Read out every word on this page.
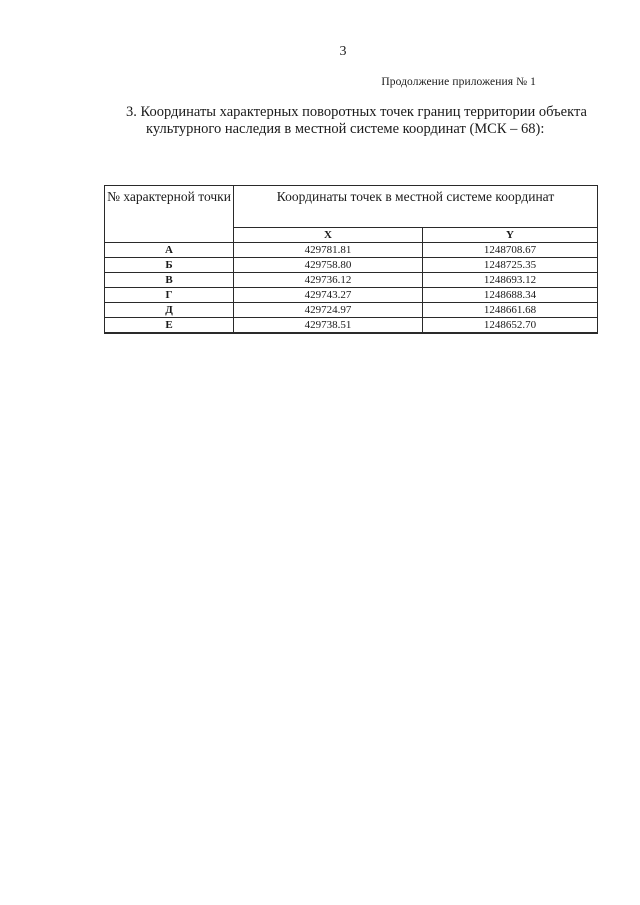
3
Продолжение приложения № 1
3. Координаты характерных поворотных точек границ территории объекта культурного наследия в местной системе координат (МСК – 68):
№ характерной точки	Координаты точек в местной системе координат	
	X	Y
А	429781.81	1248708.67
Б	429758.80	1248725.35
В	429736.12	1248693.12
Г	429743.27	1248688.34
Д	429724.97	1248661.68
Е	429738.51	1248652.70
